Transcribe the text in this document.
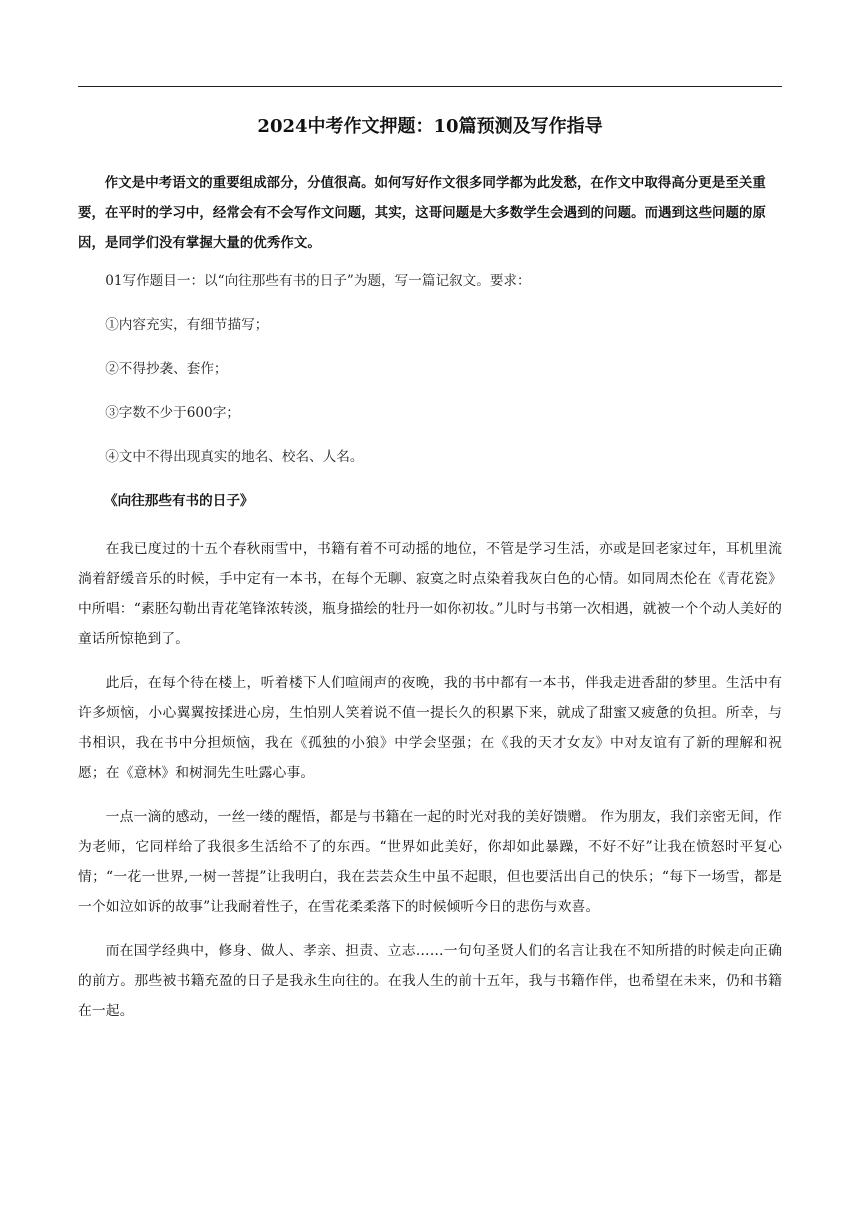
2024中考作文押题：10篇预测及写作指导

作文是中考语文的重要组成部分，分值很高。如何写好作文很多同学都为此发愁，在作文中取得高分更是至关重要，在平时的学习中，经常会有不会写作文问题，其实，这哥问题是大多数学生会遇到的问题。而遇到这些问题的原因，是同学们没有掌握大量的优秀作文。

01写作题目一：以“向往那些有书的日子”为题，写一篇记叙文。要求：

①内容充实，有细节描写；

②不得抄袭、套作；

③字数不少于600字；

④文中不得出现真实的地名、校名、人名。

《向往那些有书的日子》

在我已度过的十五个春秋雨雪中，书籍有着不可动摇的地位，不管是学习生活，亦或是回老家过年，耳机里流淌着舒缓音乐的时候，手中定有一本书，在每个无聊、寂寞之时点染着我灰白色的心情。如同周杰伦在《青花瓷》中所唱：“素胚勾勒出青花笔锋浓转淡，瓶身描绘的牡丹一如你初妆。”儿时与书第一次相遇，就被一个个动人美好的童话所惊艳到了。

此后，在每个待在楼上，听着楼下人们喧闹声的夜晚，我的书中都有一本书，伴我走进香甜的梦里。生活中有许多烦恼，小心翼翼按揉进心房，生怕别人笑着说不值一提长久的积累下来，就成了甜蜜又疲惫的负担。所幸，与书相识，我在书中分担烦恼，我在《孤独的小狼》中学会坚强；在《我的天才女友》中对友谊有了新的理解和祝愿；在《意林》和树洞先生吐露心事。

一点一滴的感动，一丝一缕的醒悟，都是与书籍在一起的时光对我的美好馈赠。 作为朋友，我们亲密无间，作为老师，它同样给了我很多生活给不了的东西。“世界如此美好，你却如此暴躁，不好不好”让我在愤怒时平复心情；“一花一世界,一树一菩提”让我明白，我在芸芸众生中虽不起眼，但也要活出自己的快乐；“每下一场雪，都是一个如泣如诉的故事”让我耐着性子，在雪花柔柔落下的时候倾听今日的悲伤与欢喜。

而在国学经典中，修身、做人、孝亲、担责、立志……一句句圣贤人们的名言让我在不知所措的时候走向正确的前方。那些被书籍充盈的日子是我永生向往的。在我人生的前十五年，我与书籍作伴，也希望在未来，仍和书籍在一起。
